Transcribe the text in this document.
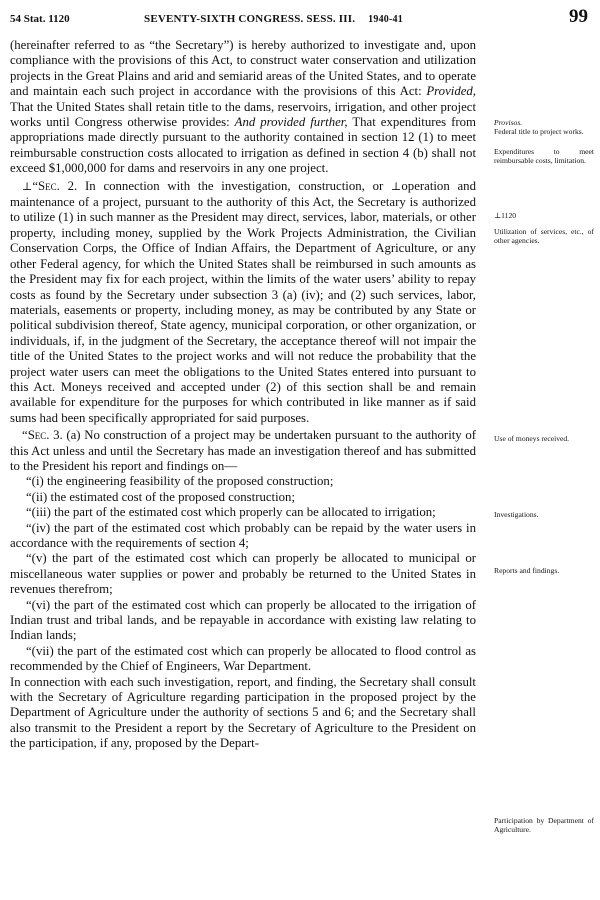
54 Stat. 1120	SEVENTY-SIXTH CONGRESS. SESS. III. 1940-41	99

(hereinafter referred to as “the Secretary”) is hereby authorized to investigate and, upon compliance with the provisions of this Act, to construct water conservation and utilization projects in the Great Plains and arid and semiarid areas of the United States, and to operate and maintain each such project in accordance with the provisions of this Act: Provided, That the United States shall retain title to the dams, reservoirs, irrigation, and other project works until Congress otherwise provides: And provided further, That expenditures from appropriations made directly pursuant to the authority contained in section 12 (1) to meet reimbursable construction costs allocated to irrigation as defined in section 4 (b) shall not exceed $1,000,000 for dams and reservoirs in any one project.

⊥“Sec. 2. In connection with the investigation, construction, or ⊥operation and maintenance of a project, pursuant to the authority of this Act, the Secretary is authorized to utilize (1) in such manner as the President may direct, services, labor, materials, or other property, including money, supplied by the Work Projects Administration, the Civilian Conservation Corps, the Office of Indian Affairs, the Department of Agriculture, or any other Federal agency, for which the United States shall be reimbursed in such amounts as the President may fix for each project, within the limits of the water users’ ability to repay costs as found by the Secretary under subsection 3 (a) (iv); and (2) such services, labor, materials, easements or property, including money, as may be contributed by any State or political subdivision thereof, State agency, municipal corporation, or other organization, or individuals, if, in the judgment of the Secretary, the acceptance thereof will not impair the title of the United States to the project works and will not reduce the probability that the project water users can meet the obligations to the United States entered into pursuant to this Act. Moneys received and accepted under (2) of this section shall be and remain available for expenditure for the purposes for which contributed in like manner as if said sums had been specifically appropriated for said purposes.

“Sec. 3. (a) No construction of a project may be undertaken pursuant to the authority of this Act unless and until the Secretary has made an investigation thereof and has submitted to the President his report and findings on—

“(i) the engineering feasibility of the proposed construction;

“(ii) the estimated cost of the proposed construction;

“(iii) the part of the estimated cost which properly can be allocated to irrigation;

“(iv) the part of the estimated cost which probably can be repaid by the water users in accordance with the requirements of section 4;

“(v) the part of the estimated cost which can properly be allocated to municipal or miscellaneous water supplies or power and probably be returned to the United States in revenues therefrom;

“(vi) the part of the estimated cost which can properly be allocated to the irrigation of Indian trust and tribal lands, and be repayable in accordance with existing law relating to Indian lands;

“(vii) the part of the estimated cost which can properly be allocated to flood control as recommended by the Chief of Engineers, War Department.

In connection with each such investigation, report, and finding, the Secretary shall consult with the Secretary of Agriculture regarding participation in the proposed project by the Department of Agriculture under the authority of sections 5 and 6; and the Secretary shall also transmit to the President a report by the Secretary of Agriculture to the President on the participation, if any, proposed by the Depart-

Provisos.
Federal title to project works.
Expenditures to meet reimbursable costs, limitation.
⊥1120
Utilization of services, etc., of other agencies.
Use of moneys received.
Investigations.
Reports and findings.
Participation by Department of Agriculture.
